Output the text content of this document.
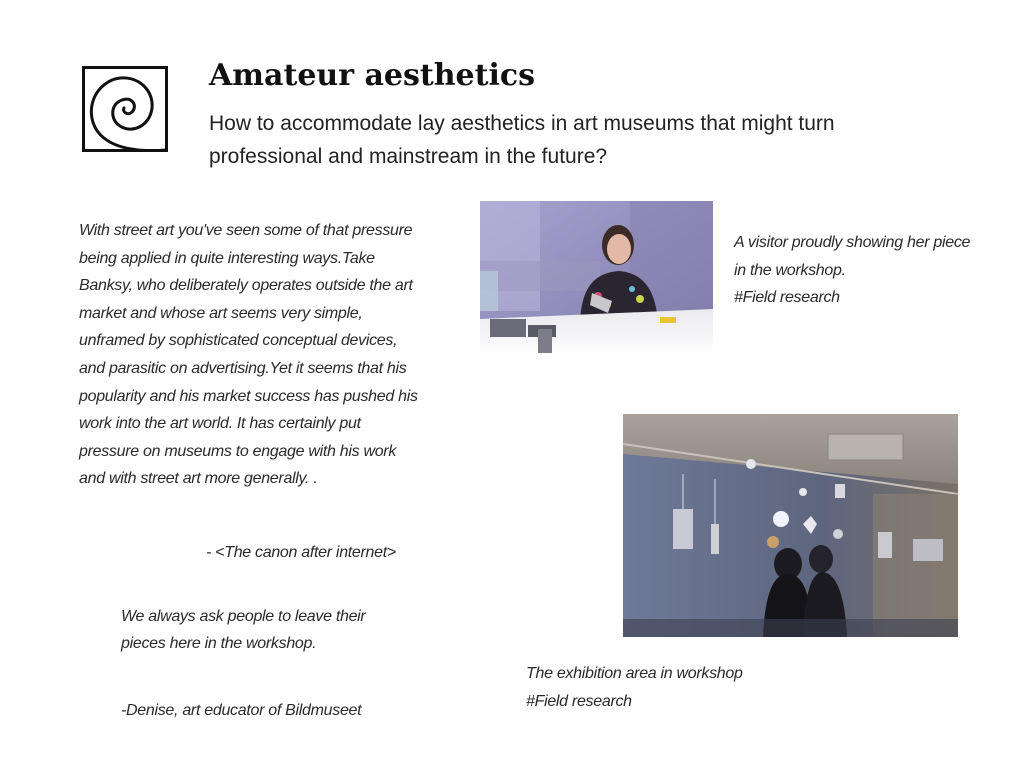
Amateur aesthetics

How to accommodate lay aesthetics in art museums that might turn professional and mainstream in the future?

With street art you've seen some of that pressure being applied in quite interesting ways.Take Banksy, who deliberately operates outside the art market and whose art seems very simple, unframed by sophisticated conceptual devices, and parasitic on advertising.Yet it seems that his popularity and his market success has pushed his work into the art world. It has certainly put pressure on museums to engage with his work and with street art more generally. .
- <The canon after internet>
We always ask people to leave their pieces here in the workshop.
-Denise, art educator of Bildmuseet
A visitor proudly showing her piece in the workshop.
#Field research
The exhibition area in workshop
#Field research
